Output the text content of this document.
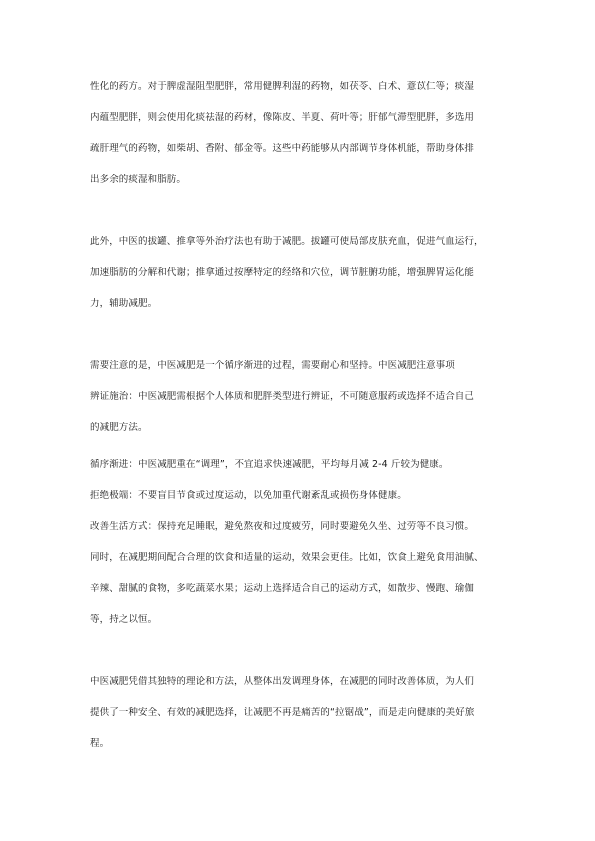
性化的药方。对于脾虚湿阻型肥胖，常用健脾利湿的药物，如茯苓、白术、薏苡仁等；痰湿
内蕴型肥胖，则会使用化痰祛湿的药材，像陈皮、半夏、荷叶等；肝郁气滞型肥胖，多选用
疏肝理气的药物，如柴胡、香附、郁金等。这些中药能够从内部调节身体机能，帮助身体排
出多余的痰湿和脂肪。
此外，中医的拔罐、推拿等外治疗法也有助于减肥。拔罐可使局部皮肤充血，促进气血运行，
加速脂肪的分解和代谢；推拿通过按摩特定的经络和穴位，调节脏腑功能，增强脾胃运化能
力，辅助减肥。
需要注意的是，中医减肥是一个循序渐进的过程，需要耐心和坚持。中医减肥注意事项
辨证施治：中医减肥需根据个人体质和肥胖类型进行辨证，不可随意服药或选择不适合自己
的减肥方法。
循序渐进：中医减肥重在“调理”，不宜追求快速减肥，平均每月减 2-4 斤较为健康。
拒绝极端：不要盲目节食或过度运动，以免加重代谢紊乱或损伤身体健康。
改善生活方式：保持充足睡眠，避免熬夜和过度疲劳，同时要避免久坐、过劳等不良习惯。
同时，在减肥期间配合合理的饮食和适量的运动，效果会更佳。比如，饮食上避免食用油腻、
辛辣、甜腻的食物，多吃蔬菜水果；运动上选择适合自己的运动方式，如散步、慢跑、瑜伽
等，持之以恒。
中医减肥凭借其独特的理论和方法，从整体出发调理身体，在减肥的同时改善体质，为人们
提供了一种安全、有效的减肥选择，让减肥不再是痛苦的“拉锯战”，而是走向健康的美好旅
程。
